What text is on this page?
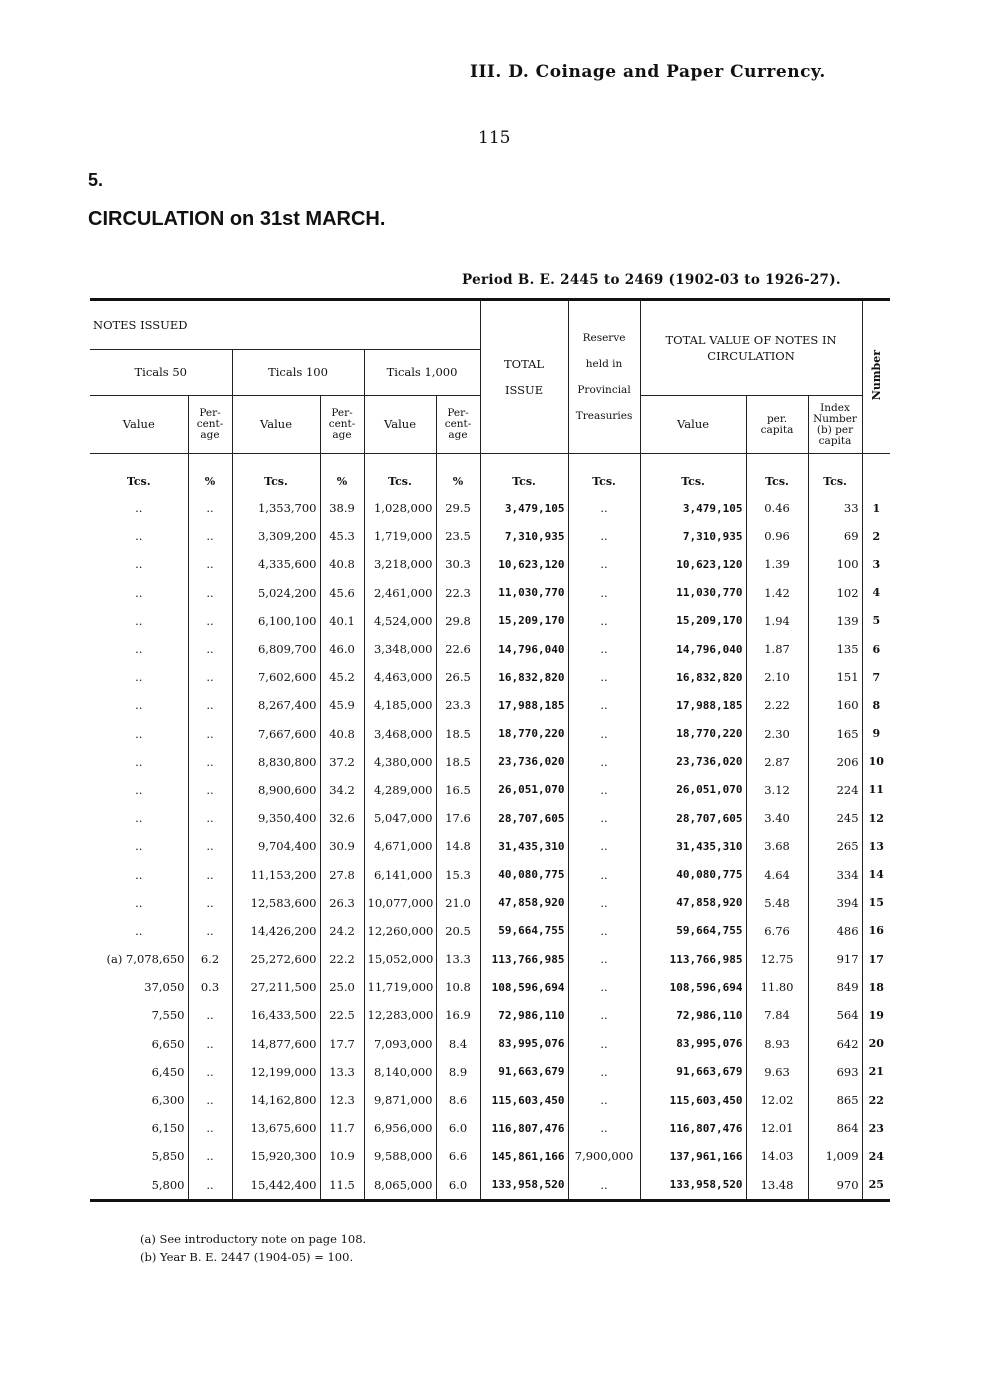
III. D. Coinage and Paper Currency.
115
5.
CIRCULATION on 31st MARCH.
Period B. E. 2445 to 2469 (1902-03 to 1926-27).
NOTES ISSUED						TOTAL ISSUE	Reserve held in Provincial Treasuries	TOTAL VALUE OF NOTES IN CIRCULATION			Number
Ticals 50		Ticals 100		Ticals 1,000							
Value	Per-cent-age	Value	Per-cent-age	Value	Per-cent-age			Value	per. capita	Index Number (b) per capita	
Tcs.	%	Tcs.	%	Tcs.	%	Tcs.	Tcs.	Tcs.	Tcs.	Tcs.	
..	..	1,353,700	38.9	1,028,000	29.5	3,479,105	..	3,479,105	0.46	33	1
..	..	3,309,200	45.3	1,719,000	23.5	7,310,935	..	7,310,935	0.96	69	2
..	..	4,335,600	40.8	3,218,000	30.3	10,623,120	..	10,623,120	1.39	100	3
..	..	5,024,200	45.6	2,461,000	22.3	11,030,770	..	11,030,770	1.42	102	4
..	..	6,100,100	40.1	4,524,000	29.8	15,209,170	..	15,209,170	1.94	139	5
..	..	6,809,700	46.0	3,348,000	22.6	14,796,040	..	14,796,040	1.87	135	6
..	..	7,602,600	45.2	4,463,000	26.5	16,832,820	..	16,832,820	2.10	151	7
..	..	8,267,400	45.9	4,185,000	23.3	17,988,185	..	17,988,185	2.22	160	8
..	..	7,667,600	40.8	3,468,000	18.5	18,770,220	..	18,770,220	2.30	165	9
..	..	8,830,800	37.2	4,380,000	18.5	23,736,020	..	23,736,020	2.87	206	10
..	..	8,900,600	34.2	4,289,000	16.5	26,051,070	..	26,051,070	3.12	224	11
..	..	9,350,400	32.6	5,047,000	17.6	28,707,605	..	28,707,605	3.40	245	12
..	..	9,704,400	30.9	4,671,000	14.8	31,435,310	..	31,435,310	3.68	265	13
..	..	11,153,200	27.8	6,141,000	15.3	40,080,775	..	40,080,775	4.64	334	14
..	..	12,583,600	26.3	10,077,000	21.0	47,858,920	..	47,858,920	5.48	394	15
..	..	14,426,200	24.2	12,260,000	20.5	59,664,755	..	59,664,755	6.76	486	16
(a) 7,078,650	6.2	25,272,600	22.2	15,052,000	13.3	113,766,985	..	113,766,985	12.75	917	17
37,050	0.3	27,211,500	25.0	11,719,000	10.8	108,596,694	..	108,596,694	11.80	849	18
7,550	..	16,433,500	22.5	12,283,000	16.9	72,986,110	..	72,986,110	7.84	564	19
6,650	..	14,877,600	17.7	7,093,000	8.4	83,995,076	..	83,995,076	8.93	642	20
6,450	..	12,199,000	13.3	8,140,000	8.9	91,663,679	..	91,663,679	9.63	693	21
6,300	..	14,162,800	12.3	9,871,000	8.6	115,603,450	..	115,603,450	12.02	865	22
6,150	..	13,675,600	11.7	6,956,000	6.0	116,807,476	..	116,807,476	12.01	864	23
5,850	..	15,920,300	10.9	9,588,000	6.6	145,861,166	7,900,000	137,961,166	14.03	1,009	24
5,800	..	15,442,400	11.5	8,065,000	6.0	133,958,520	..	133,958,520	13.48	970	25
(a) See introductory note on page 108.
(b) Year B. E. 2447 (1904-05) = 100.
